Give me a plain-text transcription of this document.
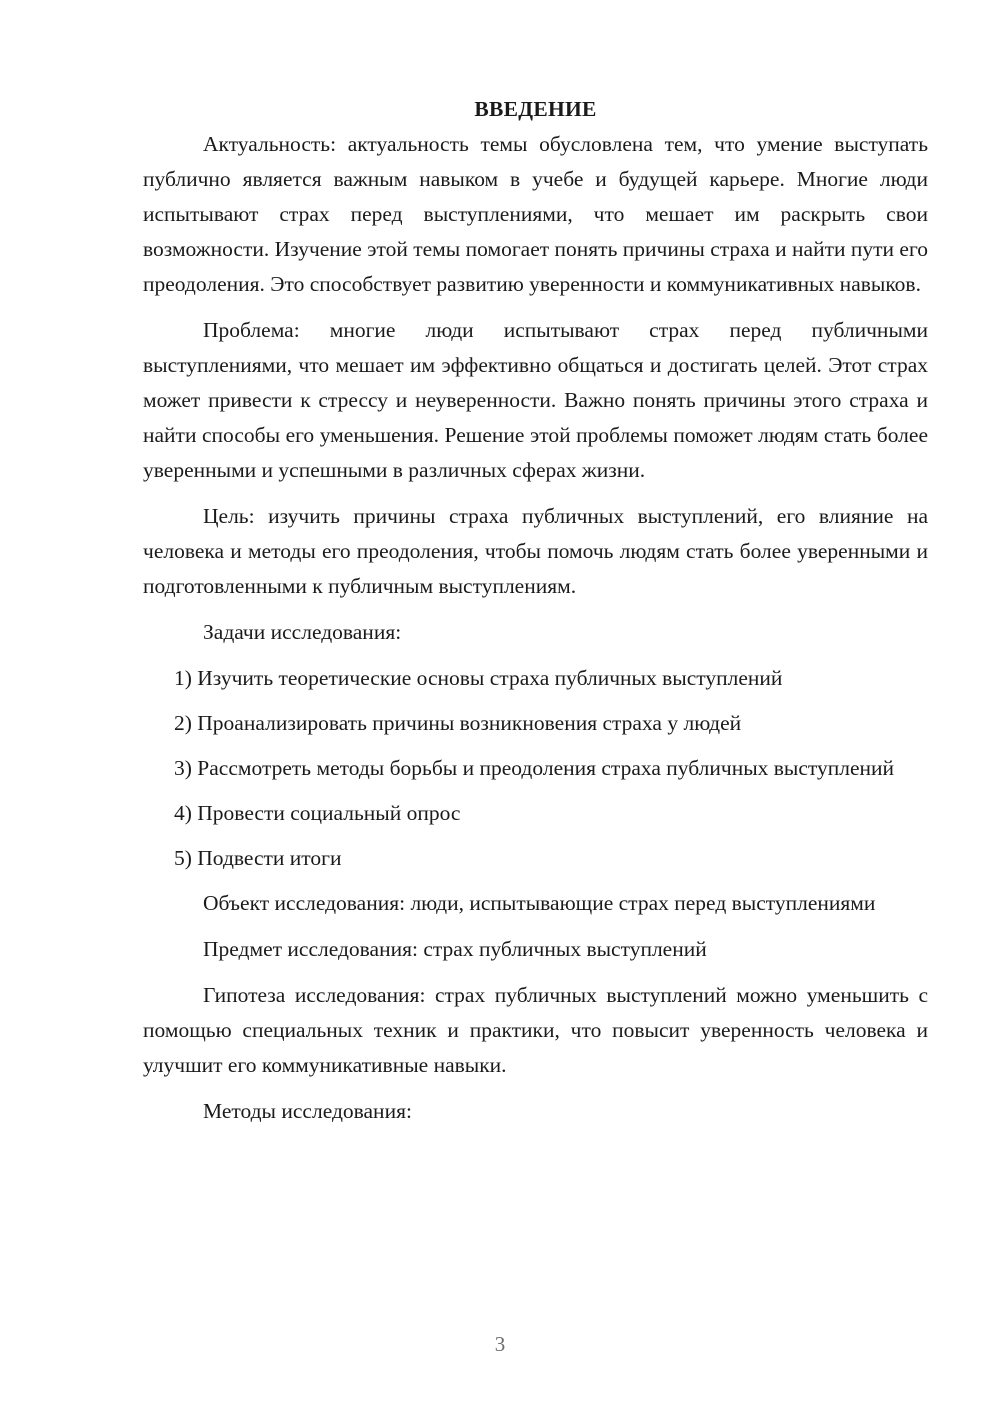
ВВЕДЕНИЕ

Актуальность: актуальность темы обусловлена тем, что умение выступать публично является важным навыком в учебе и будущей карьере. Многие люди испытывают страх перед выступлениями, что мешает им раскрыть свои возможности. Изучение этой темы помогает понять причины страха и найти пути его преодоления. Это способствует развитию уверенности и коммуникативных навыков.

Проблема: многие люди испытывают страх перед публичными выступлениями, что мешает им эффективно общаться и достигать целей. Этот страх может привести к стрессу и неуверенности. Важно понять причины этого страха и найти способы его уменьшения. Решение этой проблемы поможет людям стать более уверенными и успешными в различных сферах жизни.

Цель: изучить причины страха публичных выступлений, его влияние на человека и методы его преодоления, чтобы помочь людям стать более уверенными и подготовленными к публичным выступлениям.

Задачи исследования:

1) Изучить теоретические основы страха публичных выступлений

2) Проанализировать причины возникновения страха у людей

3) Рассмотреть методы борьбы и преодоления страха публичных выступлений

4) Провести социальный опрос

5) Подвести итоги

Объект исследования: люди, испытывающие страх перед выступлениями

Предмет исследования: страх публичных выступлений

Гипотеза исследования: страх публичных выступлений можно уменьшить с помощью специальных техник и практики, что повысит уверенность человека и улучшит его коммуникативные навыки.

Методы исследования:

3
